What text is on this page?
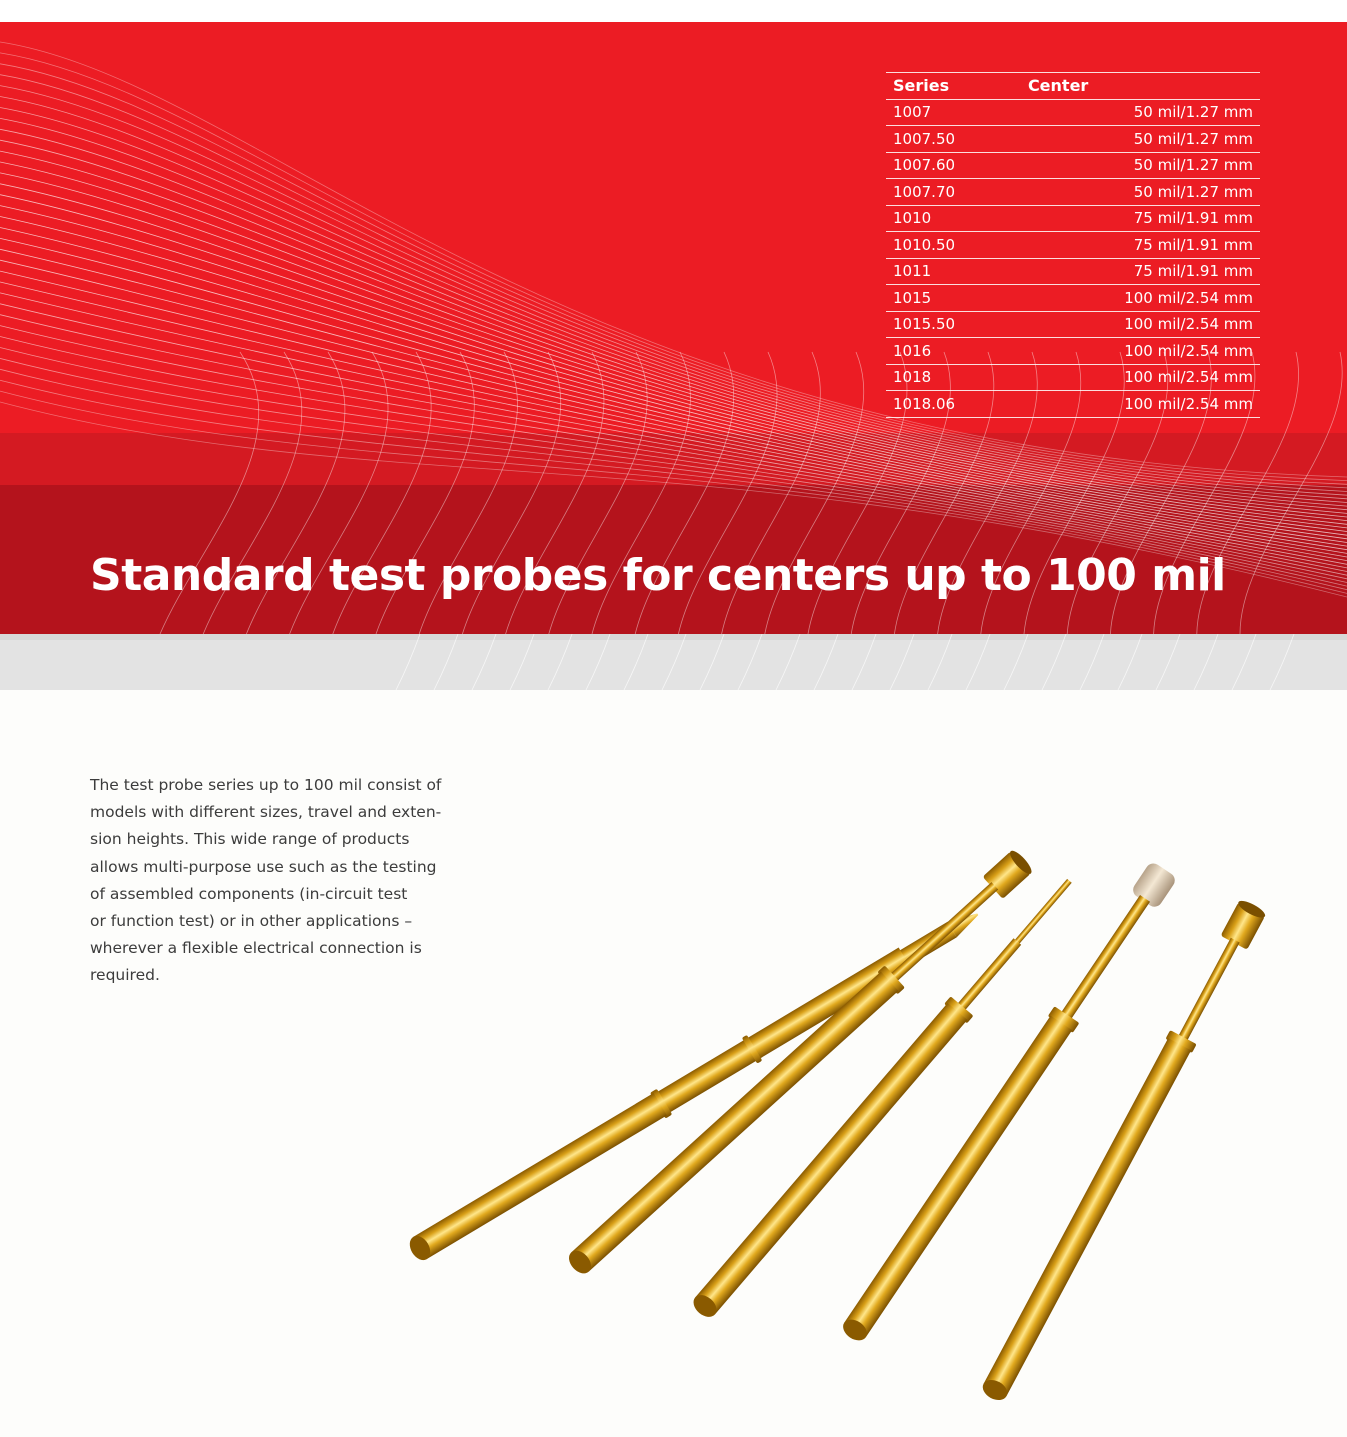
Series	Center
1007	50 mil/1.27 mm
1007.50	50 mil/1.27 mm
1007.60	50 mil/1.27 mm
1007.70	50 mil/1.27 mm
1010	75 mil/1.91 mm
1010.50	75 mil/1.91 mm
1011	75 mil/1.91 mm
1015	100 mil/2.54 mm
1015.50	100 mil/2.54 mm
1016	100 mil/2.54 mm
1018	100 mil/2.54 mm
1018.06	100 mil/2.54 mm
Standard test probes for centers up to 100 mil

The test probe series up to 100 mil consist of
models with different sizes, travel and exten-
sion heights. This wide range of products
allows multi-purpose use such as the testing
of assembled components (in-circuit test
or function test) or in other applications –
wherever a flexible electrical connection is
required.
